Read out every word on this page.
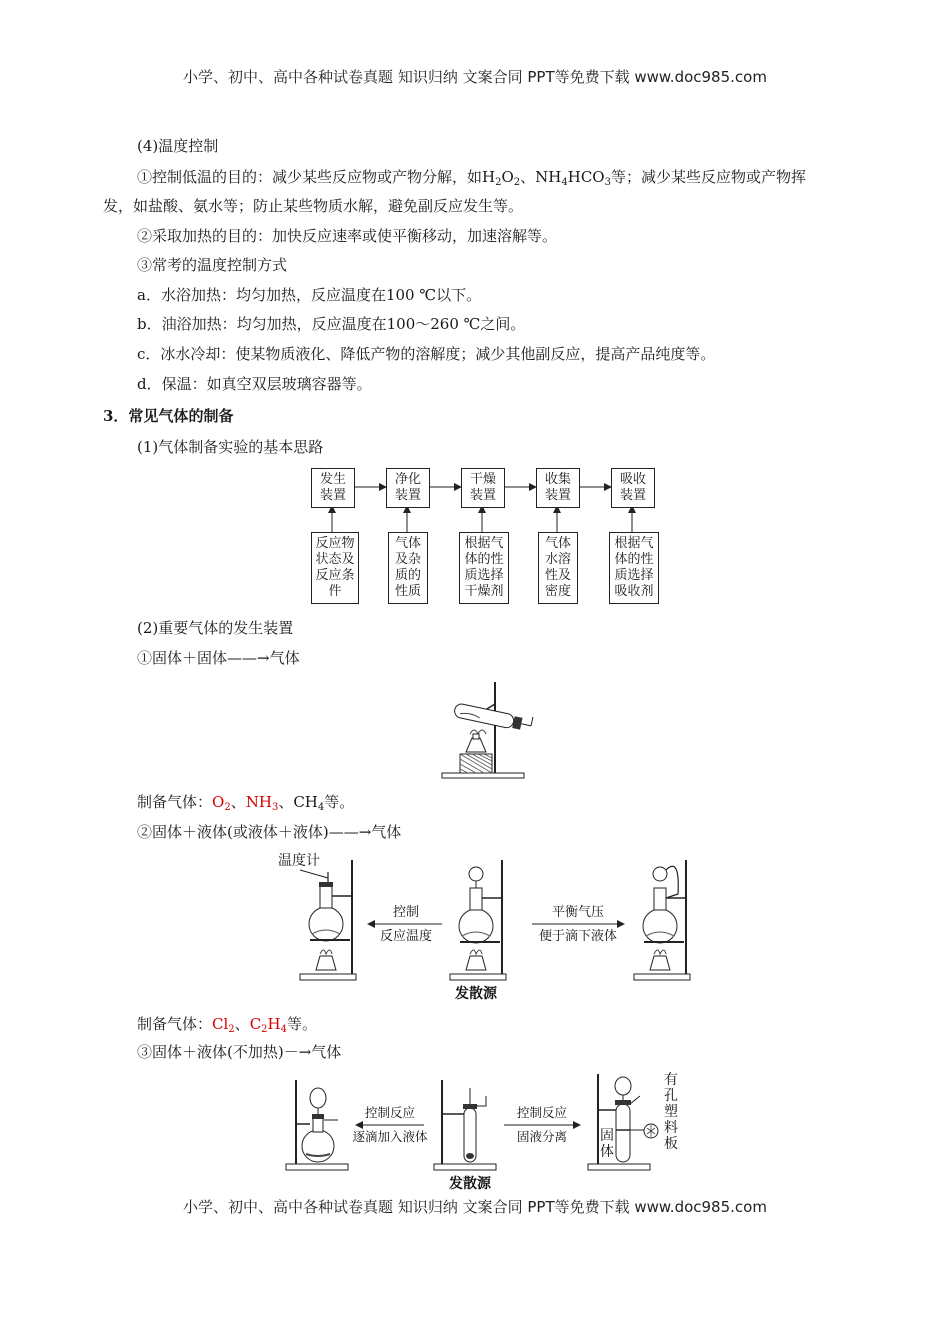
小学、初中、高中各种试卷真题 知识归纳 文案合同 PPT等免费下载 www.doc985.com
小学、初中、高中各种试卷真题 知识归纳 文案合同 PPT等免费下载 www.doc985.com
(4)温度控制
①控制低温的目的：减少某些反应物或产物分解，如$H_2O_2$、$NH_4HCO_3$等；减少某些反应物或产物挥
发，如盐酸、氨水等；防止某些物质水解，避免副反应发生等。
②采取加热的目的：加快反应速率或使平衡移动，加速溶解等。
③常考的温度控制方式
a．水浴加热：均匀加热，反应温度在100 ℃以下。
b．油浴加热：均匀加热，反应温度在100～260 ℃之间。
c．冰水冷却：使某物质液化、降低产物的溶解度；减少其他副反应，提高产品纯度等。
d．保温：如真空双层玻璃容器等。
3．常见气体的制备
(1)气体制备实验的基本思路
发生
装置
净化
装置
干燥
装置
收集
装置
吸收
装置
反应物
状态及
反应条
件
气体
及杂
质的
性质
根据气
体的性
质选择
干燥剂
气体
水溶
性及
密度
根据气
体的性
质选择
吸收剂
(2)重要气体的发生装置
①固体＋固体——→气体
制备气体：$O_2$、$NH_3$、$CH_4$等。
②固体＋液体(或液体＋液体)——→气体
温度计
控制
反应温度
发散源
平衡气压
便于滴下液体
制备气体：$Cl_2$、$C_2H_4$等。
③固体＋液体(不加热)－→气体
控制反应
逐滴加入液体
发散源
控制反应
固液分离 固
体
有
孔
塑
料
板
